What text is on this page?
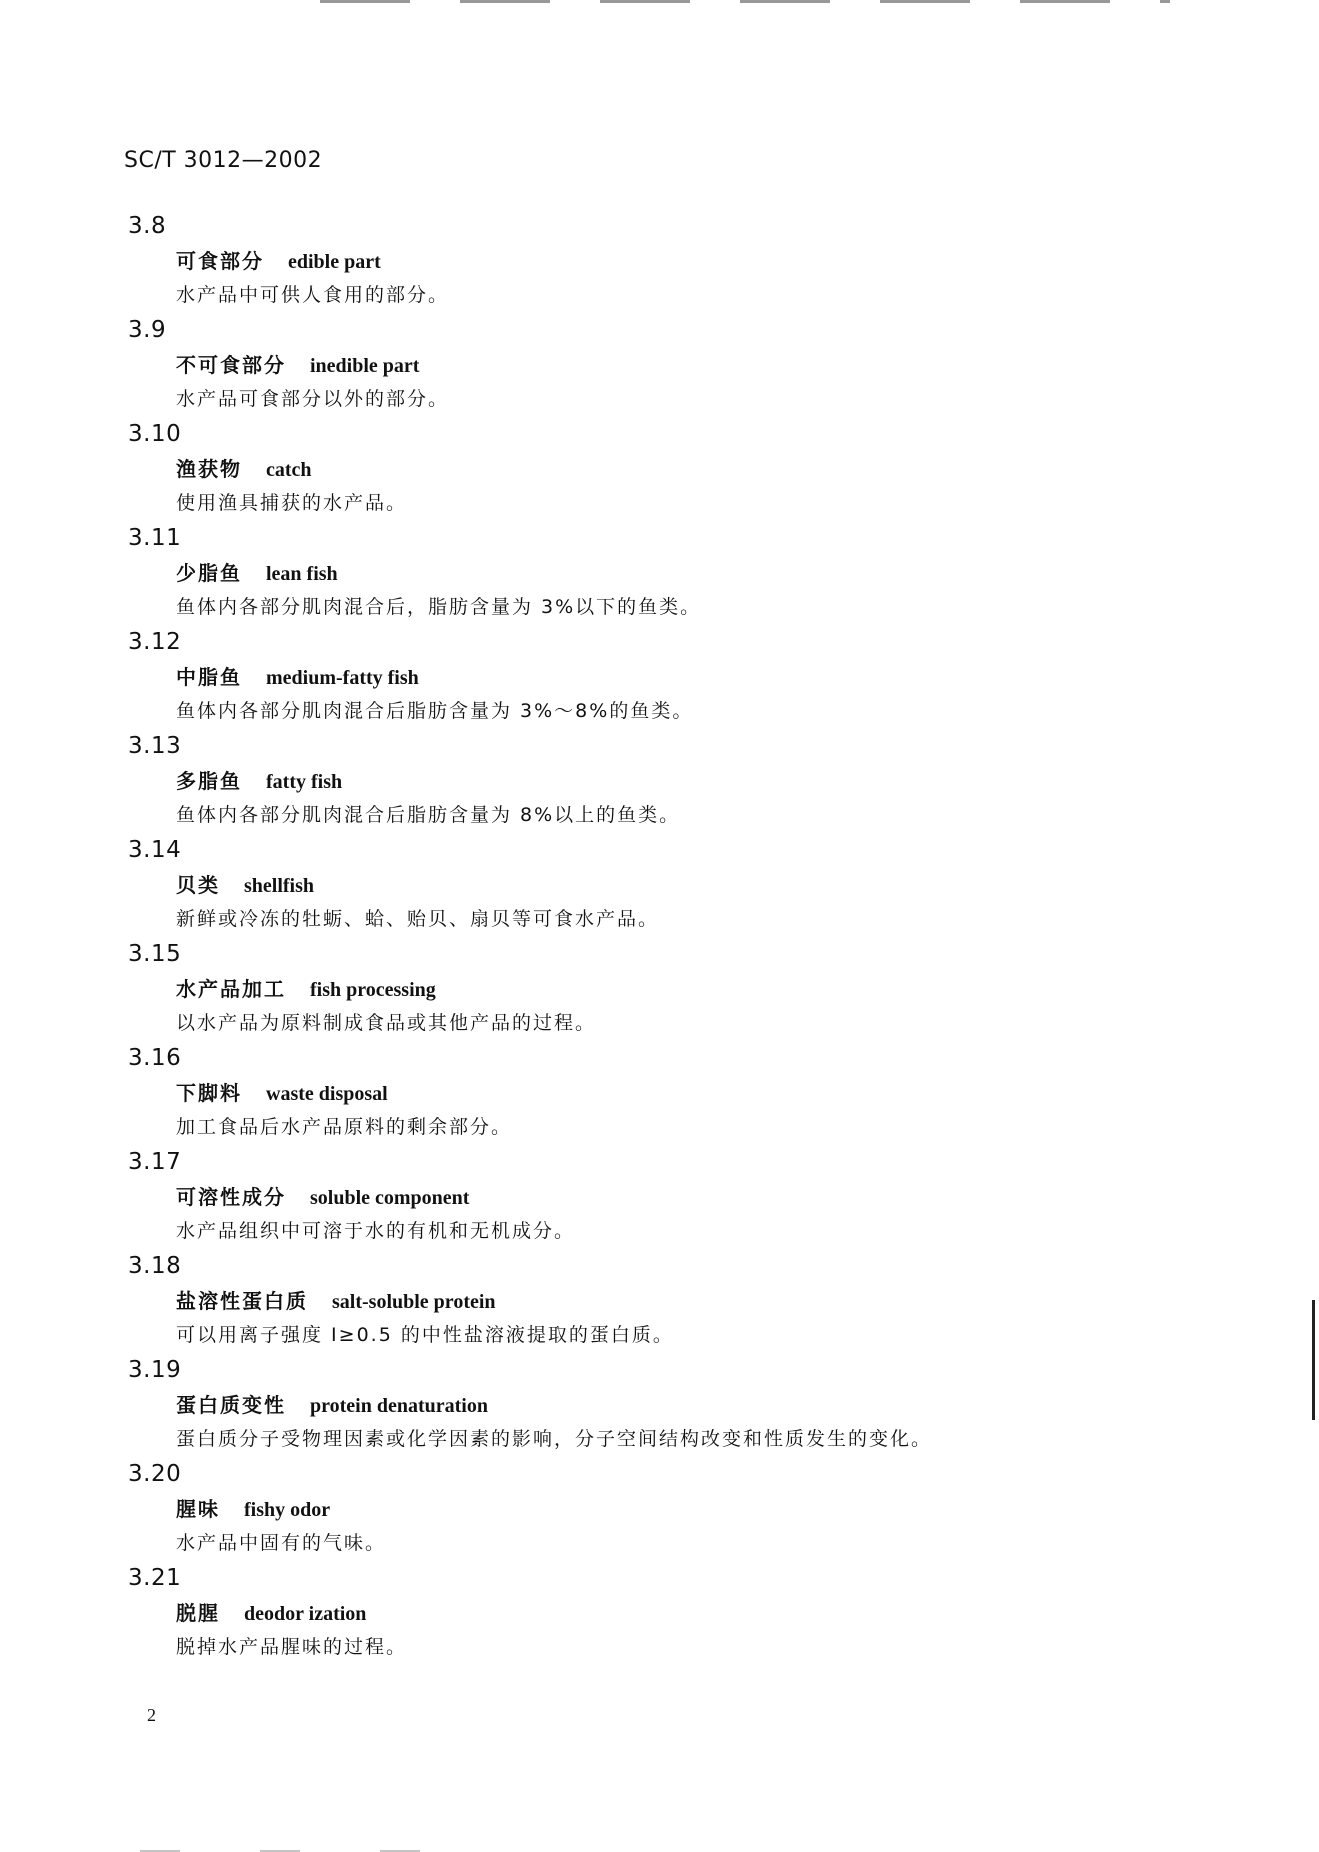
SC/T 3012—2002
3.8
可食部分 edible part
水产品中可供人食用的部分。
3.9
不可食部分 inedible part
水产品可食部分以外的部分。
3.10
渔获物 catch
使用渔具捕获的水产品。
3.11
少脂鱼 lean fish
鱼体内各部分肌肉混合后，脂肪含量为 3%以下的鱼类。
3.12
中脂鱼 medium-fatty fish
鱼体内各部分肌肉混合后脂肪含量为 3%～8%的鱼类。
3.13
多脂鱼 fatty fish
鱼体内各部分肌肉混合后脂肪含量为 8%以上的鱼类。
3.14
贝类 shellfish
新鲜或冷冻的牡蛎、蛤、贻贝、扇贝等可食水产品。
3.15
水产品加工 fish processing
以水产品为原料制成食品或其他产品的过程。
3.16
下脚料 waste disposal
加工食品后水产品原料的剩余部分。
3.17
可溶性成分 soluble component
水产品组织中可溶于水的有机和无机成分。
3.18
盐溶性蛋白质 salt-soluble protein
可以用离子强度 I≥0.5 的中性盐溶液提取的蛋白质。
3.19
蛋白质变性 protein denaturation
蛋白质分子受物理因素或化学因素的影响，分子空间结构改变和性质发生的变化。
3.20
腥味 fishy odor
水产品中固有的气味。
3.21
脱腥 deodor ization
脱掉水产品腥味的过程。
2
